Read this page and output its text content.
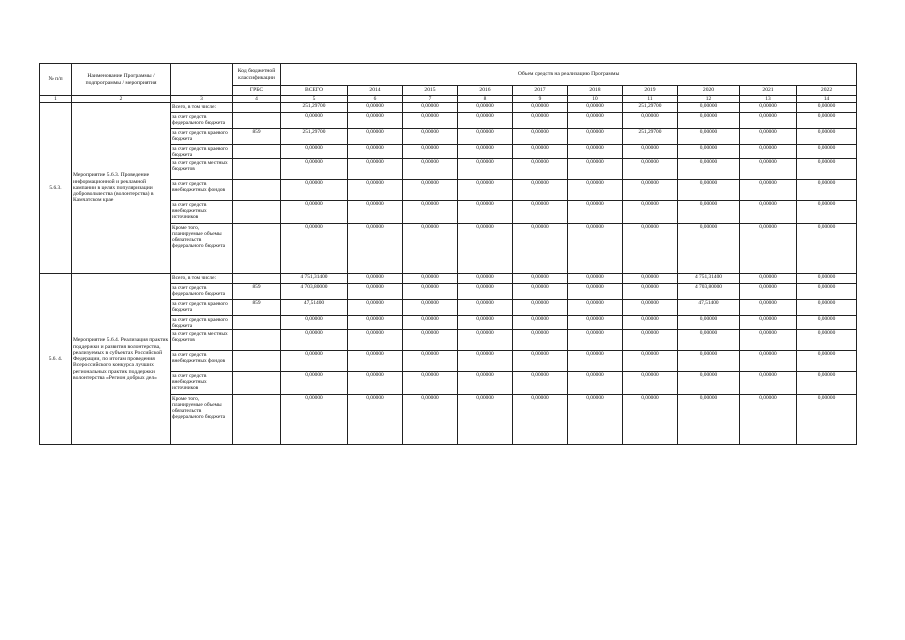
№ п/п	Наименование Программы / подпрограммы / мероприятия		Код бюджетной классификации	Объем средств на реализацию Программы									
			ГРБС	ВСЕГО	2014	2015	2016	2017	2018	2019	2020	2021	2022
1	2	3	4	5	6	7	8	9	10	11	12	13	14
5.6.3.	Мероприятие 5.6.3. Проведение информационной и рекламной кампании в целях популяризации добровольчества (волонтерства) в Камчатском крае	Всего, в том числе:		251,29700	0,00000	0,00000	0,00000	0,00000	0,00000	251,29700	0,00000	0,00000	0,00000
		за счет средств федерального бюджета		0,00000	0,00000	0,00000	0,00000	0,00000	0,00000	0,00000	0,00000	0,00000	0,00000
		за счет средств краевого бюджета	859	251,29700	0,00000	0,00000	0,00000	0,00000	0,00000	251,29700	0,00000	0,00000	0,00000
		за счет средств краевого бюджета		0,00000	0,00000	0,00000	0,00000	0,00000	0,00000	0,00000	0,00000	0,00000	0,00000
		за счет средств местных бюджетов		0,00000	0,00000	0,00000	0,00000	0,00000	0,00000	0,00000	0,00000	0,00000	0,00000
		за счет средств внебюджетных фондов		0,00000	0,00000	0,00000	0,00000	0,00000	0,00000	0,00000	0,00000	0,00000	0,00000
		за счет средств внебюджетных источников		0,00000	0,00000	0,00000	0,00000	0,00000	0,00000	0,00000	0,00000	0,00000	0,00000
		Кроме того, планируемые объемы обязательств федерального бюджета		0,00000	0,00000	0,00000	0,00000	0,00000	0,00000	0,00000	0,00000	0,00000	0,00000
5.6. 4.	Мероприятие 5.6.4. Реализация практик поддержки и развития волонтерства, реализуемых в субъектах Российской Федерации, по итогам проведения Всероссийского конкурса лучших региональных практик поддержки волонтерства «Регион добрых дел»	Всего, в том числе:		4 751,31400	0,00000	0,00000	0,00000	0,00000	0,00000	0,00000	4 751,31400	0,00000	0,00000
		за счет средств федерального бюджета	859	4 703,80000	0,00000	0,00000	0,00000	0,00000	0,00000	0,00000	4 703,80000	0,00000	0,00000
		за счет средств краевого бюджета	859	47,51400	0,00000	0,00000	0,00000	0,00000	0,00000	0,00000	47,51400	0,00000	0,00000
		за счет средств краевого бюджета		0,00000	0,00000	0,00000	0,00000	0,00000	0,00000	0,00000	0,00000	0,00000	0,00000
		за счет средств местных бюджетов		0,00000	0,00000	0,00000	0,00000	0,00000	0,00000	0,00000	0,00000	0,00000	0,00000
		за счет средств внебюджетных фондов		0,00000	0,00000	0,00000	0,00000	0,00000	0,00000	0,00000	0,00000	0,00000	0,00000
		за счет средств внебюджетных источников		0,00000	0,00000	0,00000	0,00000	0,00000	0,00000	0,00000	0,00000	0,00000	0,00000
		Кроме того, планируемые объемы обязательств федерального бюджета		0,00000	0,00000	0,00000	0,00000	0,00000	0,00000	0,00000	0,00000	0,00000	0,00000
